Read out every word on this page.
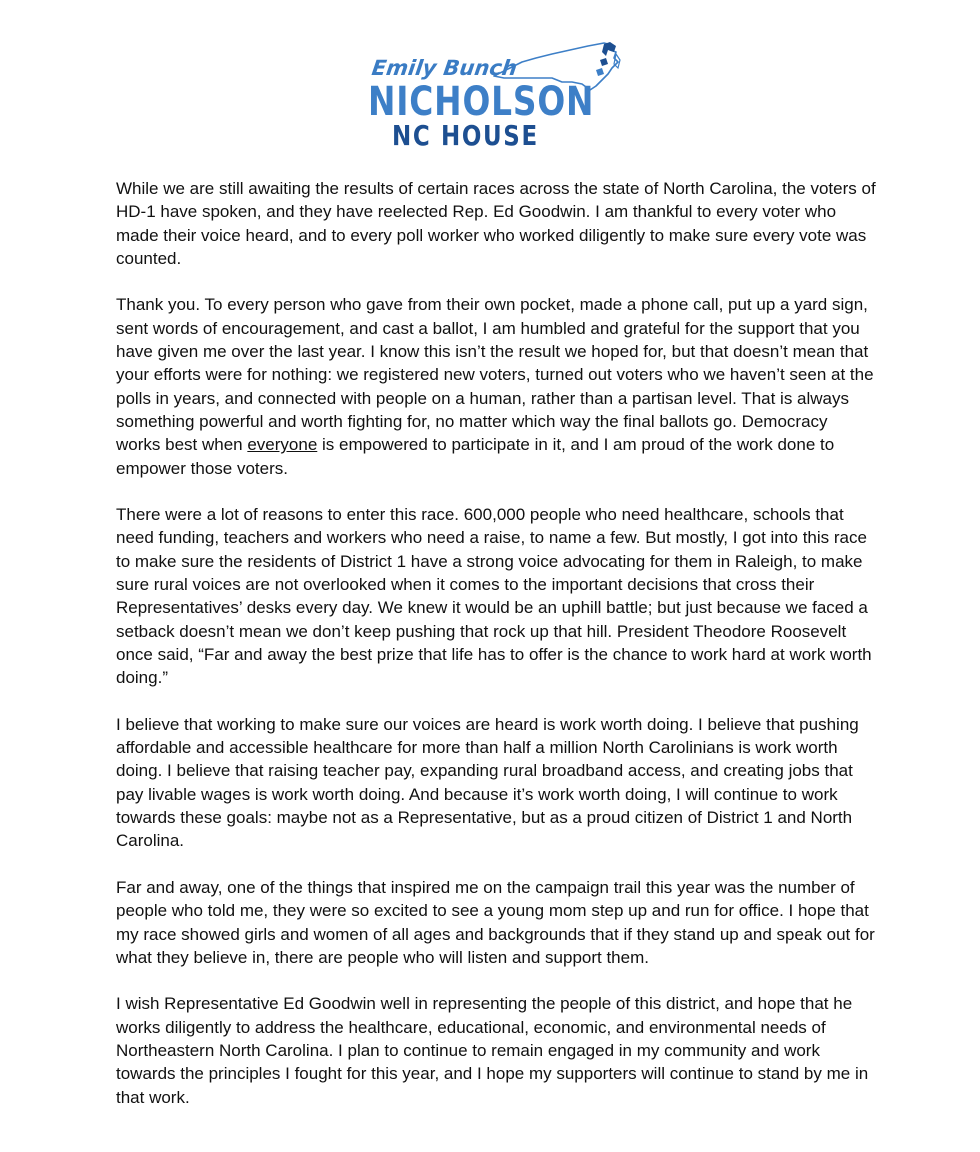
Emily Bunch
NICHOLSON
NC HOUSE

While we are still awaiting the results of certain races across the state of North Carolina, the voters of HD-1 have spoken, and they have reelected Rep. Ed Goodwin. I am thankful to every voter who made their voice heard, and to every poll worker who worked diligently to make sure every vote was counted.

Thank you. To every person who gave from their own pocket, made a phone call, put up a yard sign, sent words of encouragement, and cast a ballot, I am humbled and grateful for the support that you have given me over the last year. I know this isn’t the result we hoped for, but that doesn’t mean that your efforts were for nothing: we registered new voters, turned out voters who we haven’t seen at the polls in years, and connected with people on a human, rather than a partisan level. That is always something powerful and worth fighting for, no matter which way the final ballots go. Democracy works best when everyone is empowered to participate in it, and I am proud of the work done to empower those voters.

There were a lot of reasons to enter this race. 600,000 people who need healthcare, schools that need funding, teachers and workers who need a raise, to name a few. But mostly, I got into this race to make sure the residents of District 1 have a strong voice advocating for them in Raleigh, to make sure rural voices are not overlooked when it comes to the important decisions that cross their Representatives’ desks every day. We knew it would be an uphill battle; but just because we faced a setback doesn’t mean we don’t keep pushing that rock up that hill. President Theodore Roosevelt once said, “Far and away the best prize that life has to offer is the chance to work hard at work worth doing.”

I believe that working to make sure our voices are heard is work worth doing. I believe that pushing affordable and accessible healthcare for more than half a million North Carolinians is work worth doing. I believe that raising teacher pay, expanding rural broadband access, and creating jobs that pay livable wages is work worth doing. And because it’s work worth doing, I will continue to work towards these goals: maybe not as a Representative, but as a proud citizen of District 1 and North Carolina.

Far and away, one of the things that inspired me on the campaign trail this year was the number of people who told me, they were so excited to see a young mom step up and run for office. I hope that my race showed girls and women of all ages and backgrounds that if they stand up and speak out for what they believe in, there are people who will listen and support them.

I wish Representative Ed Goodwin well in representing the people of this district, and hope that he works diligently to address the healthcare, educational, economic, and environmental needs of Northeastern North Carolina. I plan to continue to remain engaged in my community and work towards the principles I fought for this year, and I hope my supporters will continue to stand by me in that work.
